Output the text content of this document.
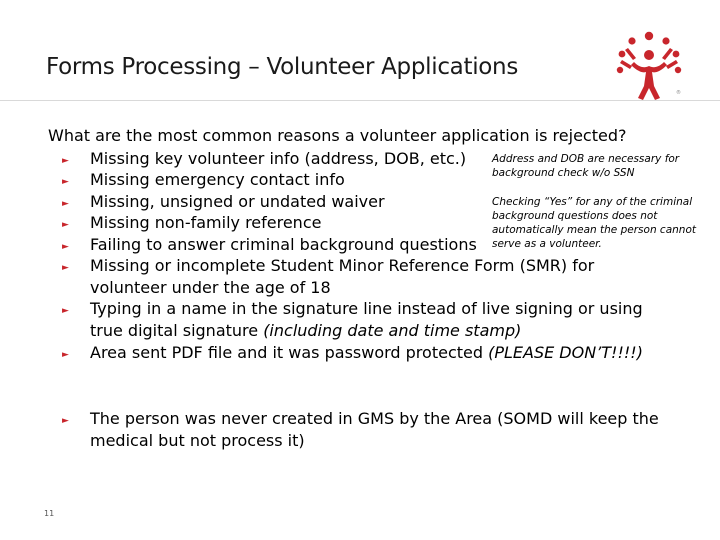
Forms Processing – Volunteer Applications
®
What are the most common reasons a volunteer application is rejected?
► Missing key volunteer info (address, DOB, etc.)
► Missing emergency contact info
► Missing, unsigned or undated waiver
► Missing non-family reference
► Failing to answer criminal background questions
► Missing or incomplete Student Minor Reference Form (SMR) for
volunteer under the age of 18
► Typing in a name in the signature line instead of live signing or using
true digital signature (including date and time stamp)
► Area sent PDF file and it was password protected (PLEASE DON’T!!!!)
► The person was never created in GMS by the Area (SOMD will keep the
medical but not process it)
Address and DOB are necessary for
background check w/o SSN
Checking “Yes” for any of the criminal
background questions does not
automatically mean the person cannot
serve as a volunteer.
11
